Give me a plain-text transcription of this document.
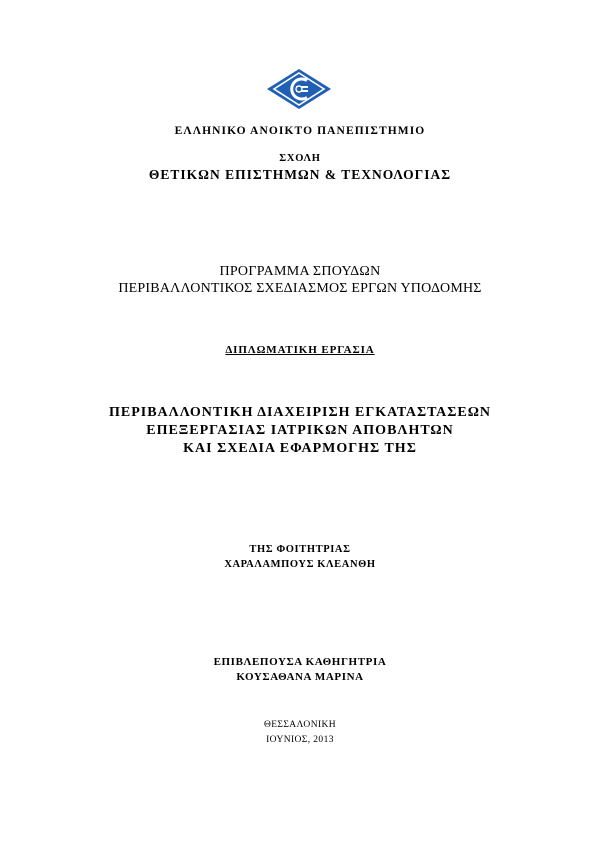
ΕΛΛΗΝΙΚΟ ΑΝΟΙΚΤΟ ΠΑΝΕΠΙΣΤΗΜΙΟ
ΣΧΟΛΗ
ΘΕΤΙΚΩΝ ΕΠΙΣΤΗΜΩΝ & ΤΕΧΝΟΛΟΓΙΑΣ
ΠΡΟΓΡΑΜΜΑ ΣΠΟΥΔΩΝ
ΠΕΡΙΒΑΛΛΟΝΤΙΚΟΣ ΣΧΕΔΙΑΣΜΟΣ ΕΡΓΩΝ ΥΠΟΔΟΜΗΣ
ΔΙΠΛΩΜΑΤΙΚΗ ΕΡΓΑΣΙΑ
ΠΕΡΙΒΑΛΛΟΝΤΙΚΗ ΔΙΑΧΕΙΡΙΣΗ ΕΓΚΑΤΑΣΤΑΣΕΩΝ
ΕΠΕΞΕΡΓΑΣΙΑΣ ΙΑΤΡΙΚΩΝ ΑΠΟΒΛΗΤΩΝ
ΚΑΙ ΣΧΕΔΙΑ ΕΦΑΡΜΟΓΗΣ ΤΗΣ
ΤΗΣ ΦΟΙΤΗΤΡΙΑΣ
ΧΑΡΑΛΑΜΠΟΥΣ ΚΛΕΑΝΘΗ
ΕΠΙΒΛΕΠΟΥΣΑ ΚΑΘΗΓΗΤΡΙΑ
ΚΟΥΣΑΘΑΝΑ ΜΑΡΙΝΑ
ΘΕΣΣΑΛΟΝΙΚΗ
ΙΟΥΝΙΟΣ, 2013
